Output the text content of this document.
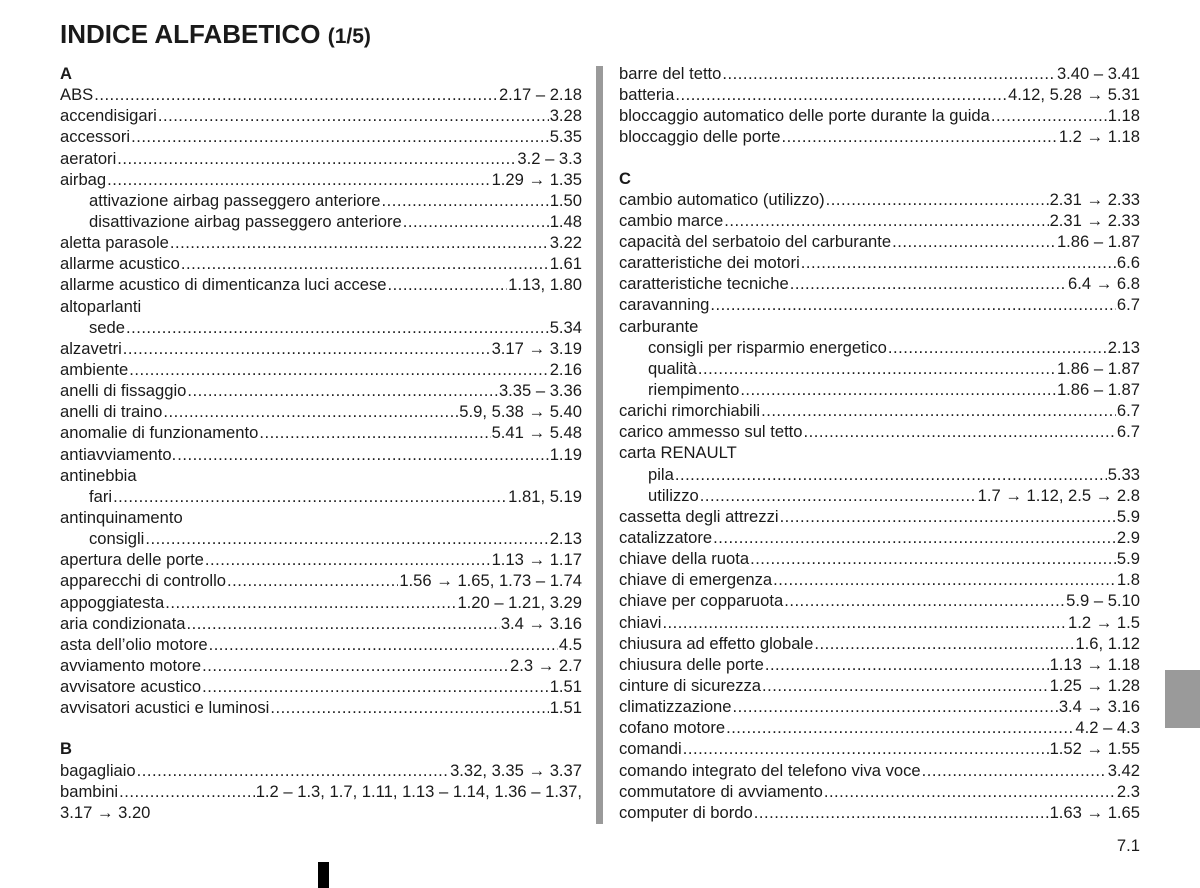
INDICE ALFABETICO (1/5)
A
ABS .....	2.17 – 2.18
accendisigari .....	3.28
accessori .....	5.35
aeratori .....	3.2 – 3.3
airbag .....	1.29 → 1.35
attivazione airbag passeggero anteriore .....	1.50
disattivazione airbag passeggero anteriore .....	1.48
aletta parasole .....	3.22
allarme acustico .....	1.61
allarme acustico di dimenticanza luci accese .....	1.13, 1.80
altoparlanti
sede .....	5.34
alzavetri .....	3.17 → 3.19
ambiente .....	2.16
anelli di fissaggio .....	3.35 – 3.36
anelli di traino .....	5.9, 5.38 → 5.40
anomalie di funzionamento .....	5.41 → 5.48
antiavviamento. .....	1.19
antinebbia
fari .....	1.81, 5.19
antinquinamento
consigli .....	2.13
apertura delle porte .....	1.13 → 1.17
apparecchi di controllo .....	1.56 → 1.65, 1.73 – 1.74
appoggiatesta .....	1.20 – 1.21, 3.29
aria condizionata .....	3.4 → 3.16
asta dell’olio motore .....	4.5
avviamento motore .....	2.3 → 2.7
avvisatore acustico .....	1.51
avvisatori acustici e luminosi .....	1.51
B
bagagliaio .....	3.32, 3.35 → 3.37
bambini .....	1.2 – 1.3, 1.7, 1.11, 1.13 – 1.14, 1.36 – 1.37,
3.17 → 3.20
barre del tetto .....	3.40 – 3.41
batteria .....	4.12, 5.28 → 5.31
bloccaggio automatico delle porte durante la guida .....	1.18
bloccaggio delle porte .....	1.2 → 1.18
C
cambio automatico (utilizzo) .....	2.31 → 2.33
cambio marce .....	2.31 → 2.33
capacità del serbatoio del carburante .....	1.86 – 1.87
caratteristiche dei motori .....	6.6
caratteristiche tecniche .....	6.4 → 6.8
caravanning .....	6.7
carburante
consigli per risparmio energetico .....	2.13
qualità .....	1.86 – 1.87
riempimento .....	1.86 – 1.87
carichi rimorchiabili .....	6.7
carico ammesso sul tetto .....	6.7
carta RENAULT
pila .....	5.33
utilizzo .....	1.7 → 1.12, 2.5 → 2.8
cassetta degli attrezzi .....	5.9
catalizzatore .....	2.9
chiave della ruota .....	5.9
chiave di emergenza .....	1.8
chiave per copparuota .....	5.9 – 5.10
chiavi .....	1.2 → 1.5
chiusura ad effetto globale .....	1.6, 1.12
chiusura delle porte .....	1.13 → 1.18
cinture di sicurezza .....	1.25 → 1.28
climatizzazione .....	3.4 → 3.16
cofano motore .....	4.2 – 4.3
comandi .....	1.52 → 1.55
comando integrato del telefono viva voce .....	3.42
commutatore di avviamento .....	2.3
computer di bordo .....	1.63 → 1.65
7.1
